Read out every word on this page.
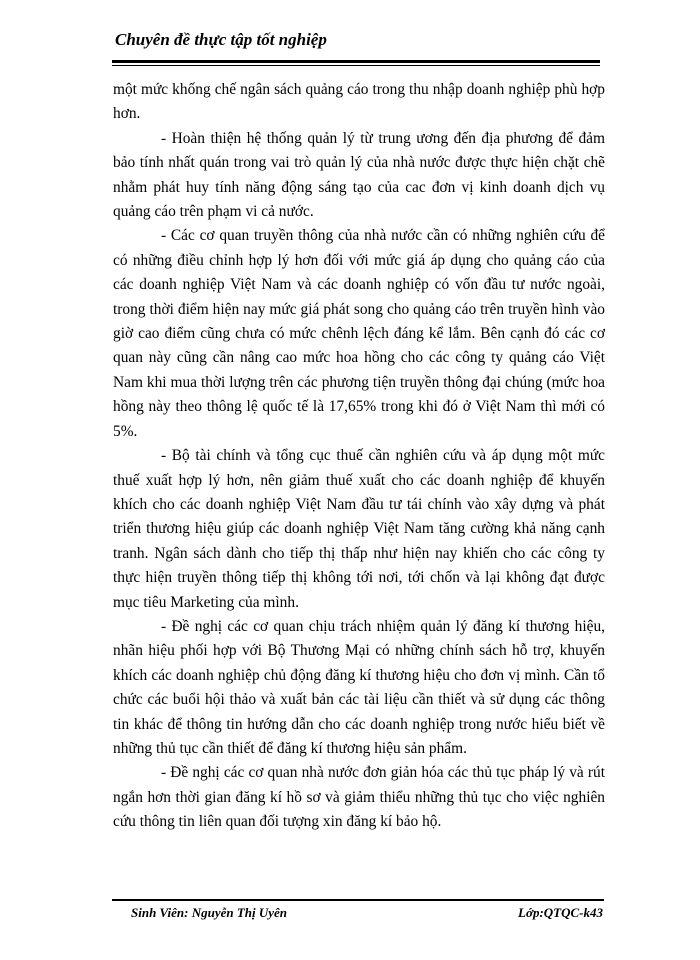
Chuyên đề thực tập tốt nghiệp

một mức khống chế ngân sách quảng cáo trong thu nhập doanh nghiệp phù hợp hơn.

- Hoàn thiện hệ thống quản lý từ trung ương đến địa phương để đảm bảo tính nhất quán trong vai trò quản lý của nhà nước được thực hiện chặt chẽ nhằm phát huy tính năng động sáng tạo của cac đơn vị kinh doanh dịch vụ quảng cáo trên phạm vi cả nước.

- Các cơ quan truyền thông của nhà nước cần có những nghiên cứu để có những điều chỉnh hợp lý hơn đối với mức giá áp dụng cho quảng cáo của các doanh nghiệp Việt Nam và các doanh nghiệp có vốn đầu tư nước ngoài, trong thời điểm hiện nay mức giá phát song cho quảng cáo trên truyền hình vào giờ cao điểm cũng chưa có mức chênh lệch đáng kể lắm. Bên cạnh đó các cơ quan này cũng cần nâng cao mức hoa hồng cho các công ty quảng cáo Việt Nam khi mua thời lượng trên các phương tiện truyền thông đại chúng (mức hoa hồng này theo thông lệ quốc tế là 17,65% trong khi đó ở Việt Nam thì mới có 5%.

- Bộ tài chính và tổng cục thuế cần nghiên cứu và áp dụng một mức thuế xuất hợp lý hơn, nên giảm thuế xuất cho các doanh nghiệp để khuyến khích cho các doanh nghiệp Việt Nam đầu tư tái chính vào xây dựng và phát triển thương hiệu giúp các doanh nghiệp Việt Nam tăng cường khả năng cạnh tranh. Ngân sách dành cho tiếp thị thấp như hiện nay khiến cho các công ty thực hiện truyền thông tiếp thị không tới nơi, tới chốn và lại không đạt được mục tiêu Marketing của mình.

- Đề nghị các cơ quan chịu trách nhiệm quản lý đăng kí thương hiệu, nhãn hiệu phối hợp với Bộ Thương Mại có những chính sách hỗ trợ, khuyến khích các doanh nghiệp chủ động đăng kí thương hiệu cho đơn vị mình. Cần tổ chức các buổi hội thảo và xuất bản các tài liệu cần thiết và sử dụng các thông tin khác để thông tin hướng dẫn cho các doanh nghiệp trong nước hiểu biết về những thủ tục cần thiết để đăng kí thương hiệu sản phẩm.

- Đề nghị các cơ quan nhà nước đơn giản hóa các thủ tục pháp lý và rút ngắn hơn thời gian đăng kí hồ sơ và giảm thiểu những thủ tục cho việc nghiên cứu thông tin liên quan đối tượng xin đăng kí bảo hộ.

Sinh Viên: Nguyễn Thị Uyên	Lớp:QTQC-k43
